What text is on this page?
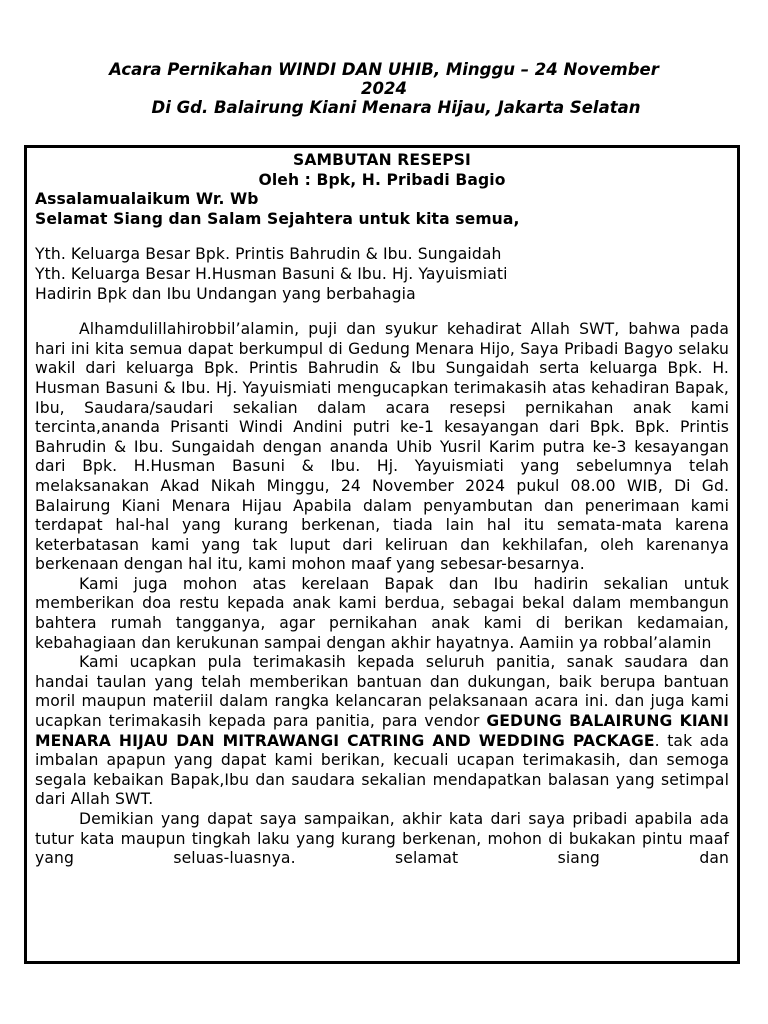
Acara Pernikahan WINDI DAN UHIB, Minggu – 24 November
2024
Di Gd. Balairung Kiani Menara Hijau, Jakarta Selatan
SAMBUTAN RESEPSI
Oleh : Bpk, H. Pribadi Bagio
Assalamualaikum Wr. Wb
Selamat Siang dan Salam Sejahtera untuk kita semua,
Yth. Keluarga Besar Bpk. Printis Bahrudin & Ibu. Sungaidah
Yth. Keluarga Besar H.Husman Basuni & Ibu. Hj. Yayuismiati
Hadirin Bpk dan Ibu Undangan yang berbahagia

Alhamdulillahirobbil’alamin, puji dan syukur kehadirat Allah SWT, bahwa pada hari ini kita semua dapat berkumpul di Gedung Menara Hijo, Saya Pribadi Bagyo selaku wakil dari keluarga Bpk. Printis Bahrudin & Ibu Sungaidah serta keluarga Bpk. H. Husman Basuni & Ibu. Hj. Yayuismiati mengucapkan terimakasih atas kehadiran Bapak, Ibu, Saudara/saudari sekalian dalam acara resepsi pernikahan anak kami tercinta,ananda Prisanti Windi Andini putri ke-1 kesayangan dari Bpk. Bpk. Printis Bahrudin & Ibu. Sungaidah dengan ananda Uhib Yusril Karim putra ke-3 kesayangan dari Bpk. H.Husman Basuni & Ibu. Hj. Yayuismiati yang sebelumnya telah melaksanakan Akad Nikah Minggu, 24 November 2024 pukul 08.00 WIB, Di Gd. Balairung Kiani Menara Hijau Apabila dalam penyambutan dan penerimaan kami terdapat hal-hal yang kurang berkenan, tiada lain hal itu semata-mata karena keterbatasan kami yang tak luput dari keliruan dan kekhilafan, oleh karenanya berkenaan dengan hal itu, kami mohon maaf yang sebesar-besarnya.

Kami juga mohon atas kerelaan Bapak dan Ibu hadirin sekalian untuk memberikan doa restu kepada anak kami berdua, sebagai bekal dalam membangun bahtera rumah tangganya, agar pernikahan anak kami di berikan kedamaian, kebahagiaan dan kerukunan sampai dengan akhir hayatnya. Aamiin ya robbal’alamin

Kami ucapkan pula terimakasih kepada seluruh panitia, sanak saudara dan handai taulan yang telah memberikan bantuan dan dukungan, baik berupa bantuan moril maupun materiil dalam rangka kelancaran pelaksanaan acara ini. dan juga kami ucapkan terimakasih kepada para panitia, para vendor GEDUNG BALAIRUNG KIANI MENARA HIJAU DAN MITRAWANGI CATRING AND WEDDING PACKAGE. tak ada imbalan apapun yang dapat kami berikan, kecuali ucapan terimakasih, dan semoga segala kebaikan Bapak,Ibu dan saudara sekalian mendapatkan balasan yang setimpal dari Allah SWT.

Demikian yang dapat saya sampaikan, akhir kata dari saya pribadi apabila ada tutur kata maupun tingkah laku yang kurang berkenan, mohon di bukakan pintu maaf yang seluas-luasnya. selamat siang dan
